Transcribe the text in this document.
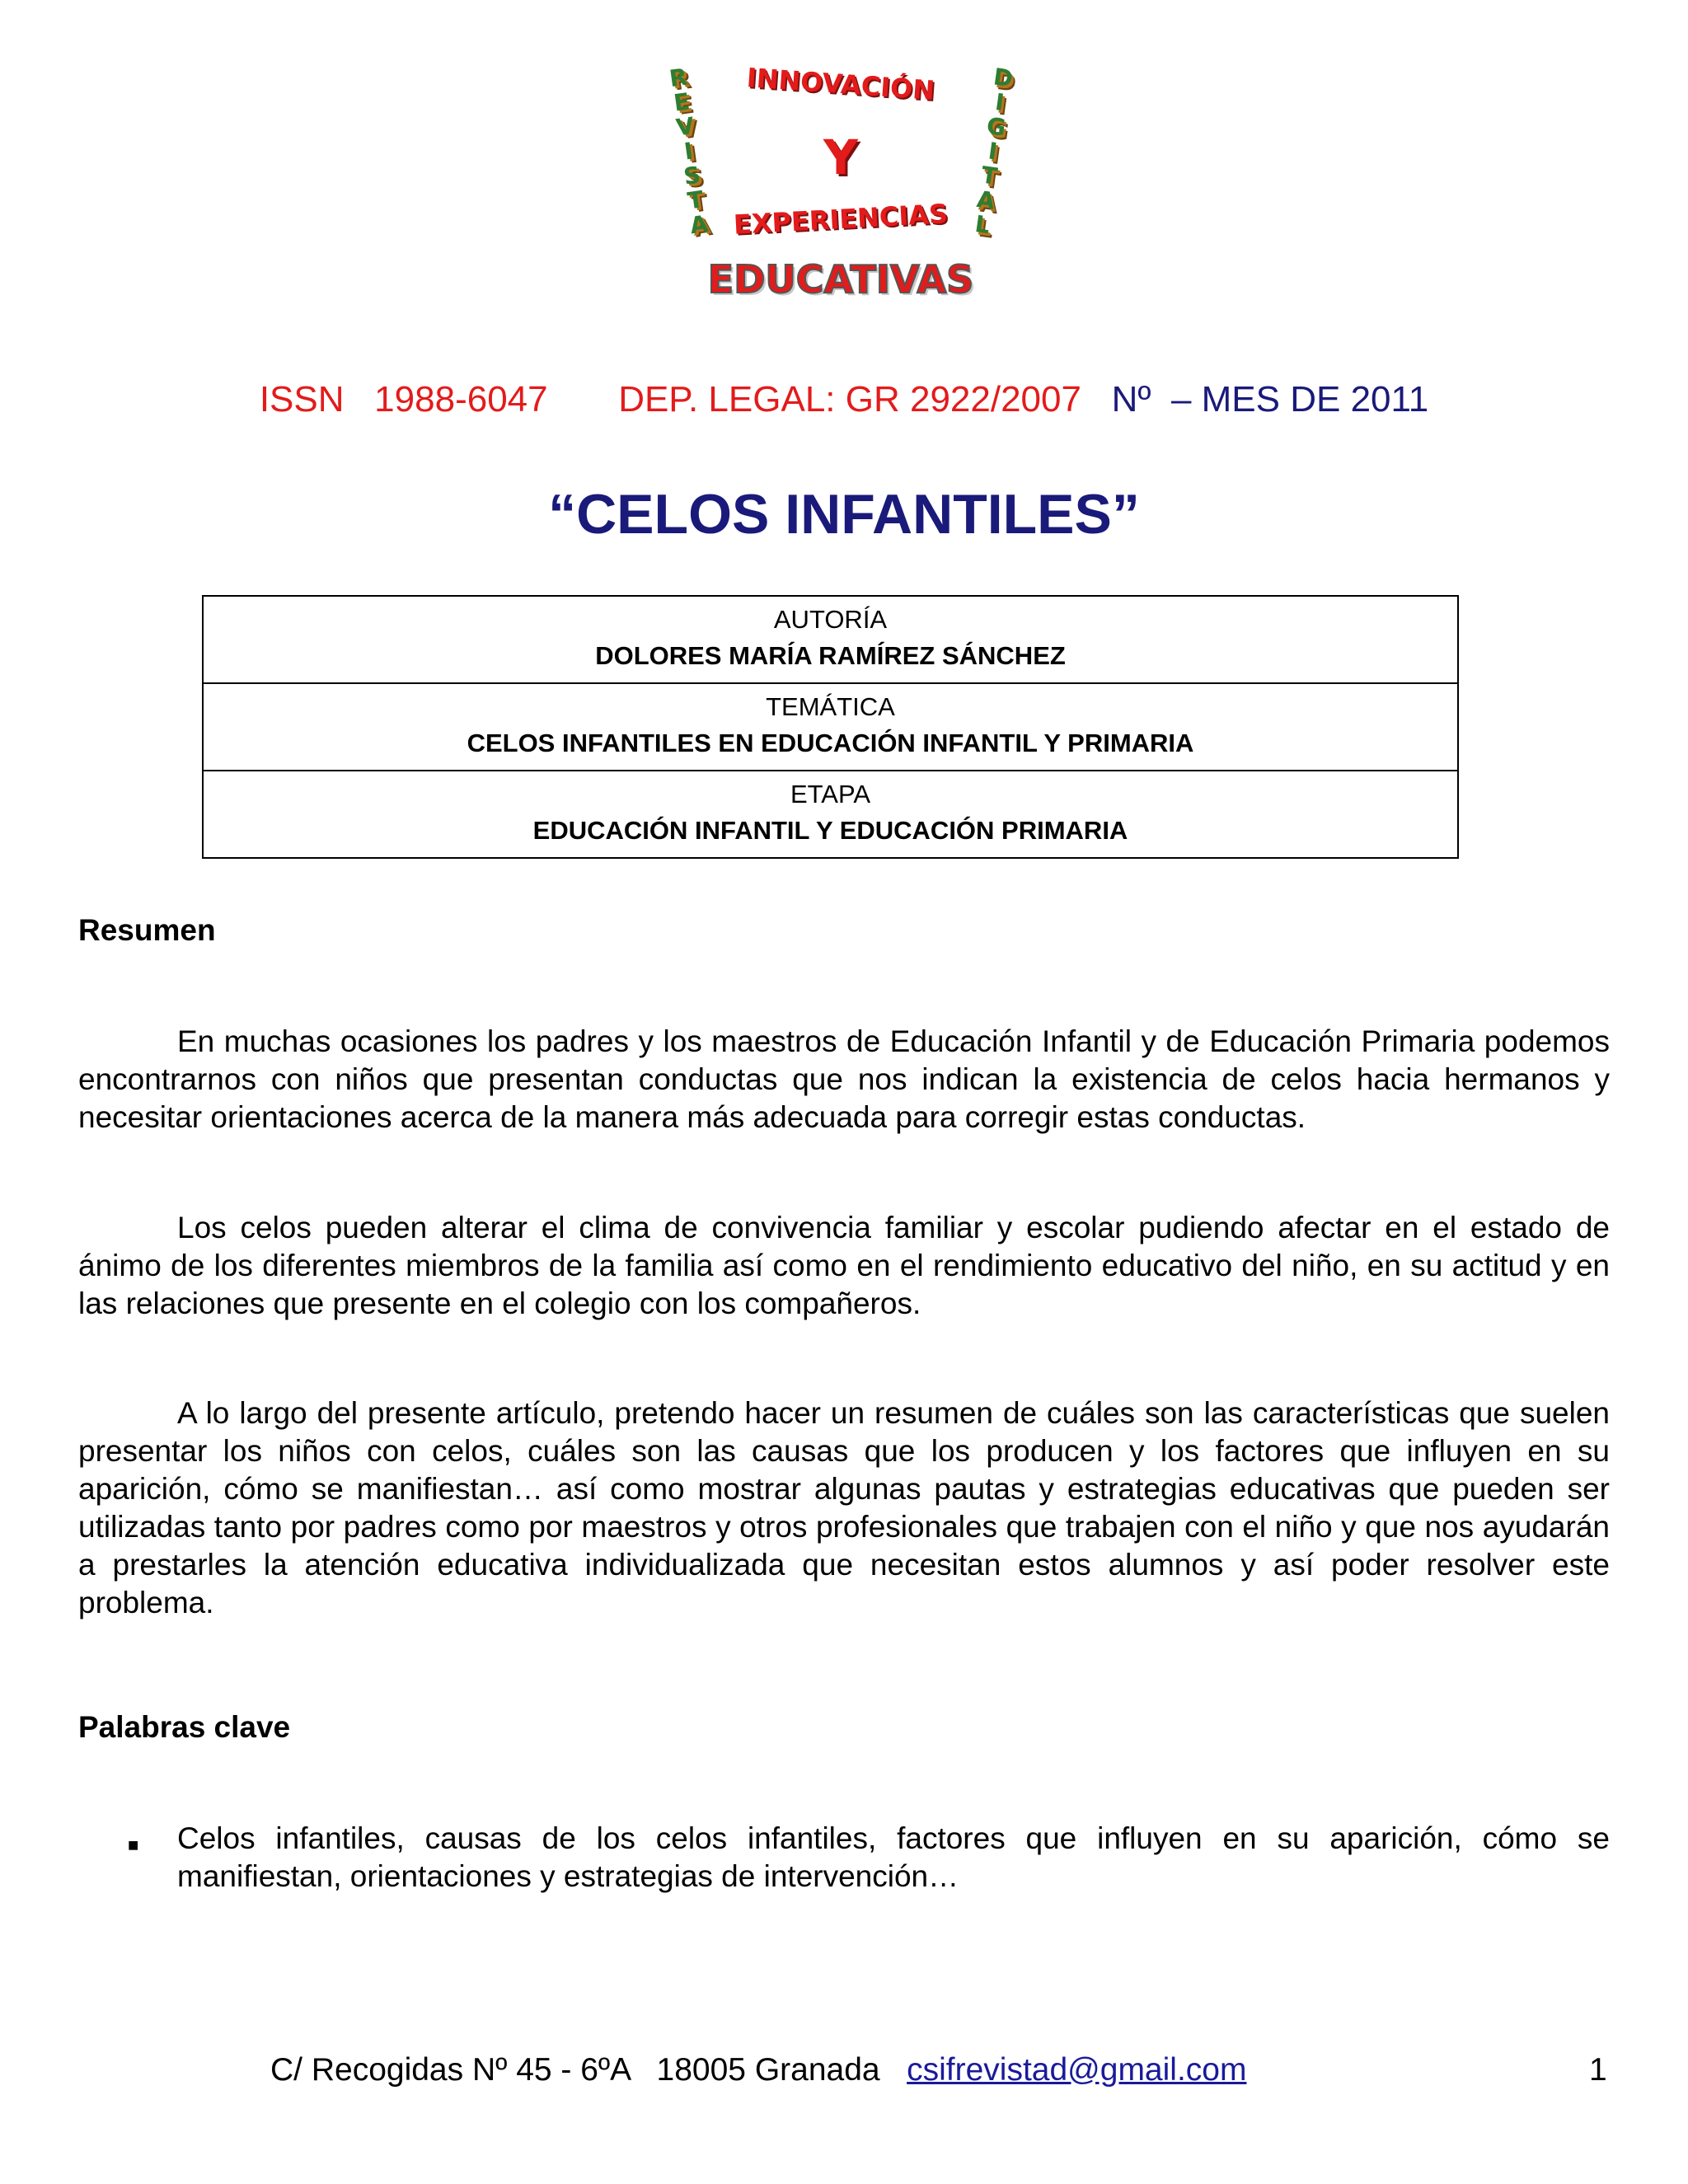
R
E
V
I
S
T
A
INNOVACIÓN
Y
EXPERIENCIAS
D
I
G
I
T
A
L
EDUCATIVAS
ISSN   1988-6047 DEP. LEGAL: GR 2922/2007 Nº  – MES DE 2011
“CELOS INFANTILES”
AUTORÍA
DOLORES MARÍA RAMÍREZ SÁNCHEZ

TEMÁTICA
CELOS INFANTILES EN EDUCACIÓN INFANTIL Y PRIMARIA

ETAPA
EDUCACIÓN INFANTIL Y EDUCACIÓN PRIMARIA
Resumen

En muchas ocasiones los padres y los maestros de Educación Infantil y de Educación Primaria podemos encontrarnos con niños que presentan conductas que nos indican la existencia de celos hacia hermanos y necesitar orientaciones acerca de la manera más adecuada para corregir estas conductas.

Los celos pueden alterar el clima de convivencia familiar y escolar pudiendo afectar en el estado de ánimo de los diferentes miembros de la familia así como en el rendimiento educativo del niño, en su actitud y en las relaciones que presente en el colegio con los compañeros.

A lo largo del presente artículo, pretendo hacer un resumen de cuáles son las características que suelen presentar los niños con celos, cuáles son las causas que los producen y los factores que influyen en su aparición, cómo se manifiestan… así como mostrar algunas pautas y estrategias educativas que pueden ser utilizadas tanto por padres como por maestros y otros profesionales que trabajen con el niño y que nos ayudarán a prestarles la atención educativa individualizada que necesitan estos alumnos y así poder resolver este problema.

Palabras clave
■ Celos infantiles, causas de los celos infantiles, factores que influyen en su aparición, cómo se manifiestan, orientaciones y estrategias de intervención…
C/ Recogidas Nº 45 - 6ºA   18005 Granada csifrevistad@gmail.com	1
